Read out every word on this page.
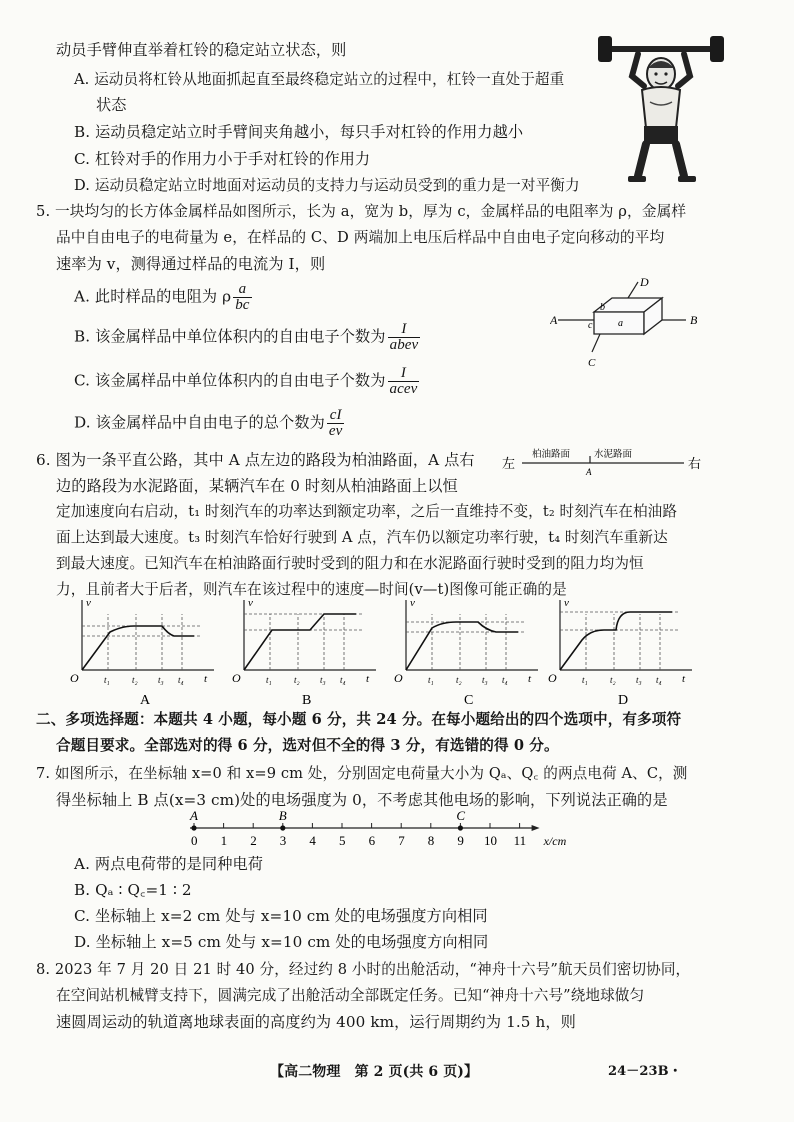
动员手臂伸直举着杠铃的稳定站立状态，则
A. 运动员将杠铃从地面抓起直至最终稳定站立的过程中，杠铃一直处于超重
状态
B. 运动员稳定站立时手臂间夹角越小，每只手对杠铃的作用力越小
C. 杠铃对手的作用力小于手对杠铃的作用力
D. 运动员稳定站立时地面对运动员的支持力与运动员受到的重力是一对平衡力
5. 一块均匀的长方体金属样品如图所示，长为 a，宽为 b，厚为 c，金属样品的电阻率为 ρ，金属样
品中自由电子的电荷量为 e，在样品的 C、D 两端加上电压后样品中自由电子定向移动的平均
速率为 v，测得通过样品的电流为 I，则
A. 此时样品的电阻为 ρ $\frac{a}{bc}$
B. 该金属样品中单位体积内的自由电子个数为 $\frac{I}{\text{abev}}$
C. 该金属样品中单位体积内的自由电子个数为 $\frac{I}{\text{acev}}$
D. 该金属样品中自由电子的总个数为 $\frac{cI}{ev}$
A	B
C
D
a
b
c
6. 图为一条平直公路，其中 A 点左边的路段为柏油路面，A 点右
边的路段为水泥路面，某辆汽车在 0 时刻从柏油路面上以恒
左	右
柏油路面	水泥路面
A
定加速度向右启动，t₁ 时刻汽车的功率达到额定功率，之后一直维持不变，t₂ 时刻汽车在柏油路
面上达到最大速度。t₃ 时刻汽车恰好行驶到 A 点，汽车仍以额定功率行驶，t₄ 时刻汽车重新达
到最大速度。已知汽车在柏油路面行驶时受到的阻力和在水泥路面行驶时受到的阻力均为恒
力，且前者大于后者，则汽车在该过程中的速度—时间(v—t)图像可能正确的是
t₁ t₂ t₃ t₄
O
v
t
A
t₁ t₂ t₃ t₄
O
v
t
B
t₁ t₂ t₃ t₄
O
v
t
C
t₁ t₂ t₃ t₄
O
v
t
D
二、多项选择题：本题共 4 小题，每小题 6 分，共 24 分。在每小题给出的四个选项中，有多项符
合题目要求。全部选对的得 6 分，选对但不全的得 3 分，有选错的得 0 分。
7. 如图所示，在坐标轴 x=0 和 x=9 cm 处，分别固定电荷量大小为 Qₐ、Q꜀ 的两点电荷 A、C，测
得坐标轴上 B 点(x=3 cm)处的电场强度为 0，不考虑其他电场的影响，下列说法正确的是
0 1 2 3 4 5 6 7 8 9 10 11 x/cm
A	B	C
A. 两点电荷带的是同种电荷
B. Qₐ ∶ Q꜀=1 ∶ 2
C. 坐标轴上 x=2 cm 处与 x=10 cm 处的电场强度方向相同
D. 坐标轴上 x=5 cm 处与 x=10 cm 处的电场强度方向相同
8. 2023 年 7 月 20 日 21 时 40 分，经过约 8 小时的出舱活动，“神舟十六号”航天员们密切协同，
在空间站机械臂支持下，圆满完成了出舱活动全部既定任务。已知“神舟十六号”绕地球做匀
速圆周运动的轨道离地球表面的高度约为 400 km，运行周期约为 1.5 h，则
【高二物理　第 2 页(共 6 页)】	24－23B・
